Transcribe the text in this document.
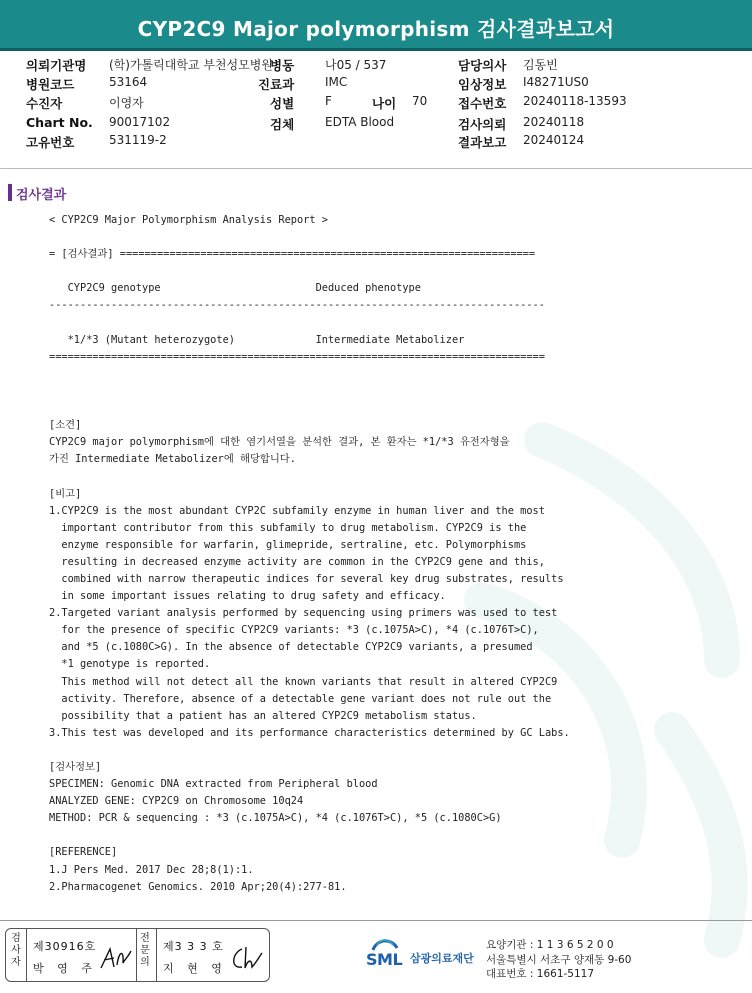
CYP2C9 Major polymorphism 검사결과보고서
의뢰기관명 (학)가톨릭대학교 부천성모병원
병동	나05 / 537	담당의사 김동빈
병원코드	53164	진료과	IMC	임상정보 I48271US0
수진자	이영자	성별	F	나이 70 접수번호 20240118-13593
Chart No. 90017102	검체	EDTA Blood	검사의뢰 20240118
고유번호	531119-2	결과보고 20240124
검사결과
< CYP2C9 Major Polymorphism Analysis Report >
= [검사결과] ===================================================================
CYP2C9 genotype                         Deduced phenotype
--------------------------------------------------------------------------------
*1/*3 (Mutant heterozygote)             Intermediate Metabolizer
================================================================================
[소견]
CYP2C9 major polymorphism에 대한 염기서열을 분석한 결과, 본 환자는 *1/*3 유전자형을
가진 Intermediate Metabolizer에 해당합니다.
[비고]
1.CYP2C9 is the most abundant CYP2C subfamily enzyme in human liver and the most
important contributor from this subfamily to drug metabolism. CYP2C9 is the
enzyme responsible for warfarin, glimepride, sertraline, etc. Polymorphisms
resulting in decreased enzyme activity are common in the CYP2C9 gene and this,
combined with narrow therapeutic indices for several key drug substrates, results
in some important issues relating to drug safety and efficacy.
2.Targeted variant analysis performed by sequencing using primers was used to test
for the presence of specific CYP2C9 variants: *3 (c.1075A>C), *4 (c.1076T>C),
and *5 (c.1080C>G). In the absence of detectable CYP2C9 variants, a presumed
*1 genotype is reported.
This method will not detect all the known variants that result in altered CYP2C9
activity. Therefore, absence of a detectable gene variant does not rule out the
possibility that a patient has an altered CYP2C9 metabolism status.
3.This test was developed and its performance characteristics determined by GC Labs.
[검사정보]
SPECIMEN: Genomic DNA extracted from Peripheral blood
ANALYZED GENE: CYP2C9 on Chromosome 10q24
METHOD: PCR & sequencing : *3 (c.1075A>C), *4 (c.1076T>C), *5 (c.1080C>G)
[REFERENCE]
1.J Pers Med. 2017 Dec 28;8(1):1.
2.Pharmacogenet Genomics. 2010 Apr;20(4):277-81.
검사자
제30916호
박 영 주
전문의
제3 3 3 호
지 현 영	SML 삼광의료재단
요양기관 : 1 1 3 6 5 2 0 0
서울특별시 서초구 양재동 9-60
대표번호 : 1661-5117
